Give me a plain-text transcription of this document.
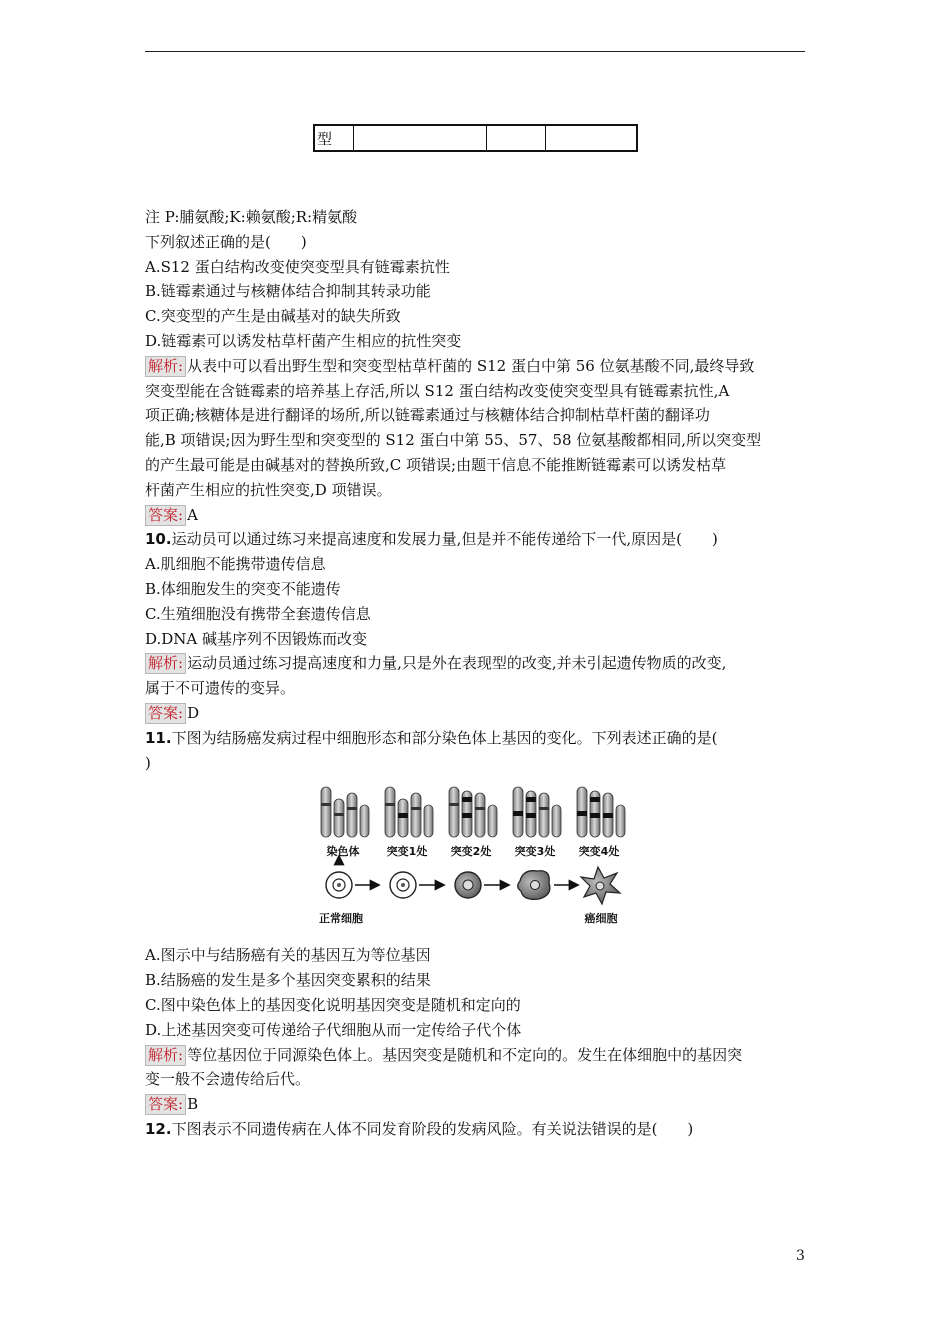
型			

注 P:脯氨酸;K:赖氨酸;R:精氨酸

下列叙述正确的是(　　)

A.S12 蛋白结构改变使突变型具有链霉素抗性

B.链霉素通过与核糖体结合抑制其转录功能

C.突变型的产生是由碱基对的缺失所致

D.链霉素可以诱发枯草杆菌产生相应的抗性突变

解析: 从表中可以看出野生型和突变型枯草杆菌的 S12 蛋白中第 56 位氨基酸不同,最终导致

突变型能在含链霉素的培养基上存活,所以 S12 蛋白结构改变使突变型具有链霉素抗性,A

项正确;核糖体是进行翻译的场所,所以链霉素通过与核糖体结合抑制枯草杆菌的翻译功

能,B 项错误;因为野生型和突变型的 S12 蛋白中第 55、57、58 位氨基酸都相同,所以突变型

的产生最可能是由碱基对的替换所致,C 项错误;由题干信息不能推断链霉素可以诱发枯草

杆菌产生相应的抗性突变,D 项错误。

答案: A

10.运动员可以通过练习来提高速度和发展力量,但是并不能传递给下一代,原因是(　　)

A.肌细胞不能携带遗传信息

B.体细胞发生的突变不能遗传

C.生殖细胞没有携带全套遗传信息

D.DNA 碱基序列不因锻炼而改变

解析: 运动员通过练习提高速度和力量,只是外在表现型的改变,并未引起遗传物质的改变,

属于不可遗传的变异。

答案: D

11.下图为结肠癌发病过程中细胞形态和部分染色体上基因的变化。下列表述正确的是(

)

染色体 突变1处 突变2处 突变3处 突变4处
正常细胞	癌细胞

A.图示中与结肠癌有关的基因互为等位基因

B.结肠癌的发生是多个基因突变累积的结果

C.图中染色体上的基因变化说明基因突变是随机和定向的

D.上述基因突变可传递给子代细胞从而一定传给子代个体

解析: 等位基因位于同源染色体上。基因突变是随机和不定向的。发生在体细胞中的基因突

变一般不会遗传给后代。

答案: B

12.下图表示不同遗传病在人体不同发育阶段的发病风险。有关说法错误的是(　　)

3
